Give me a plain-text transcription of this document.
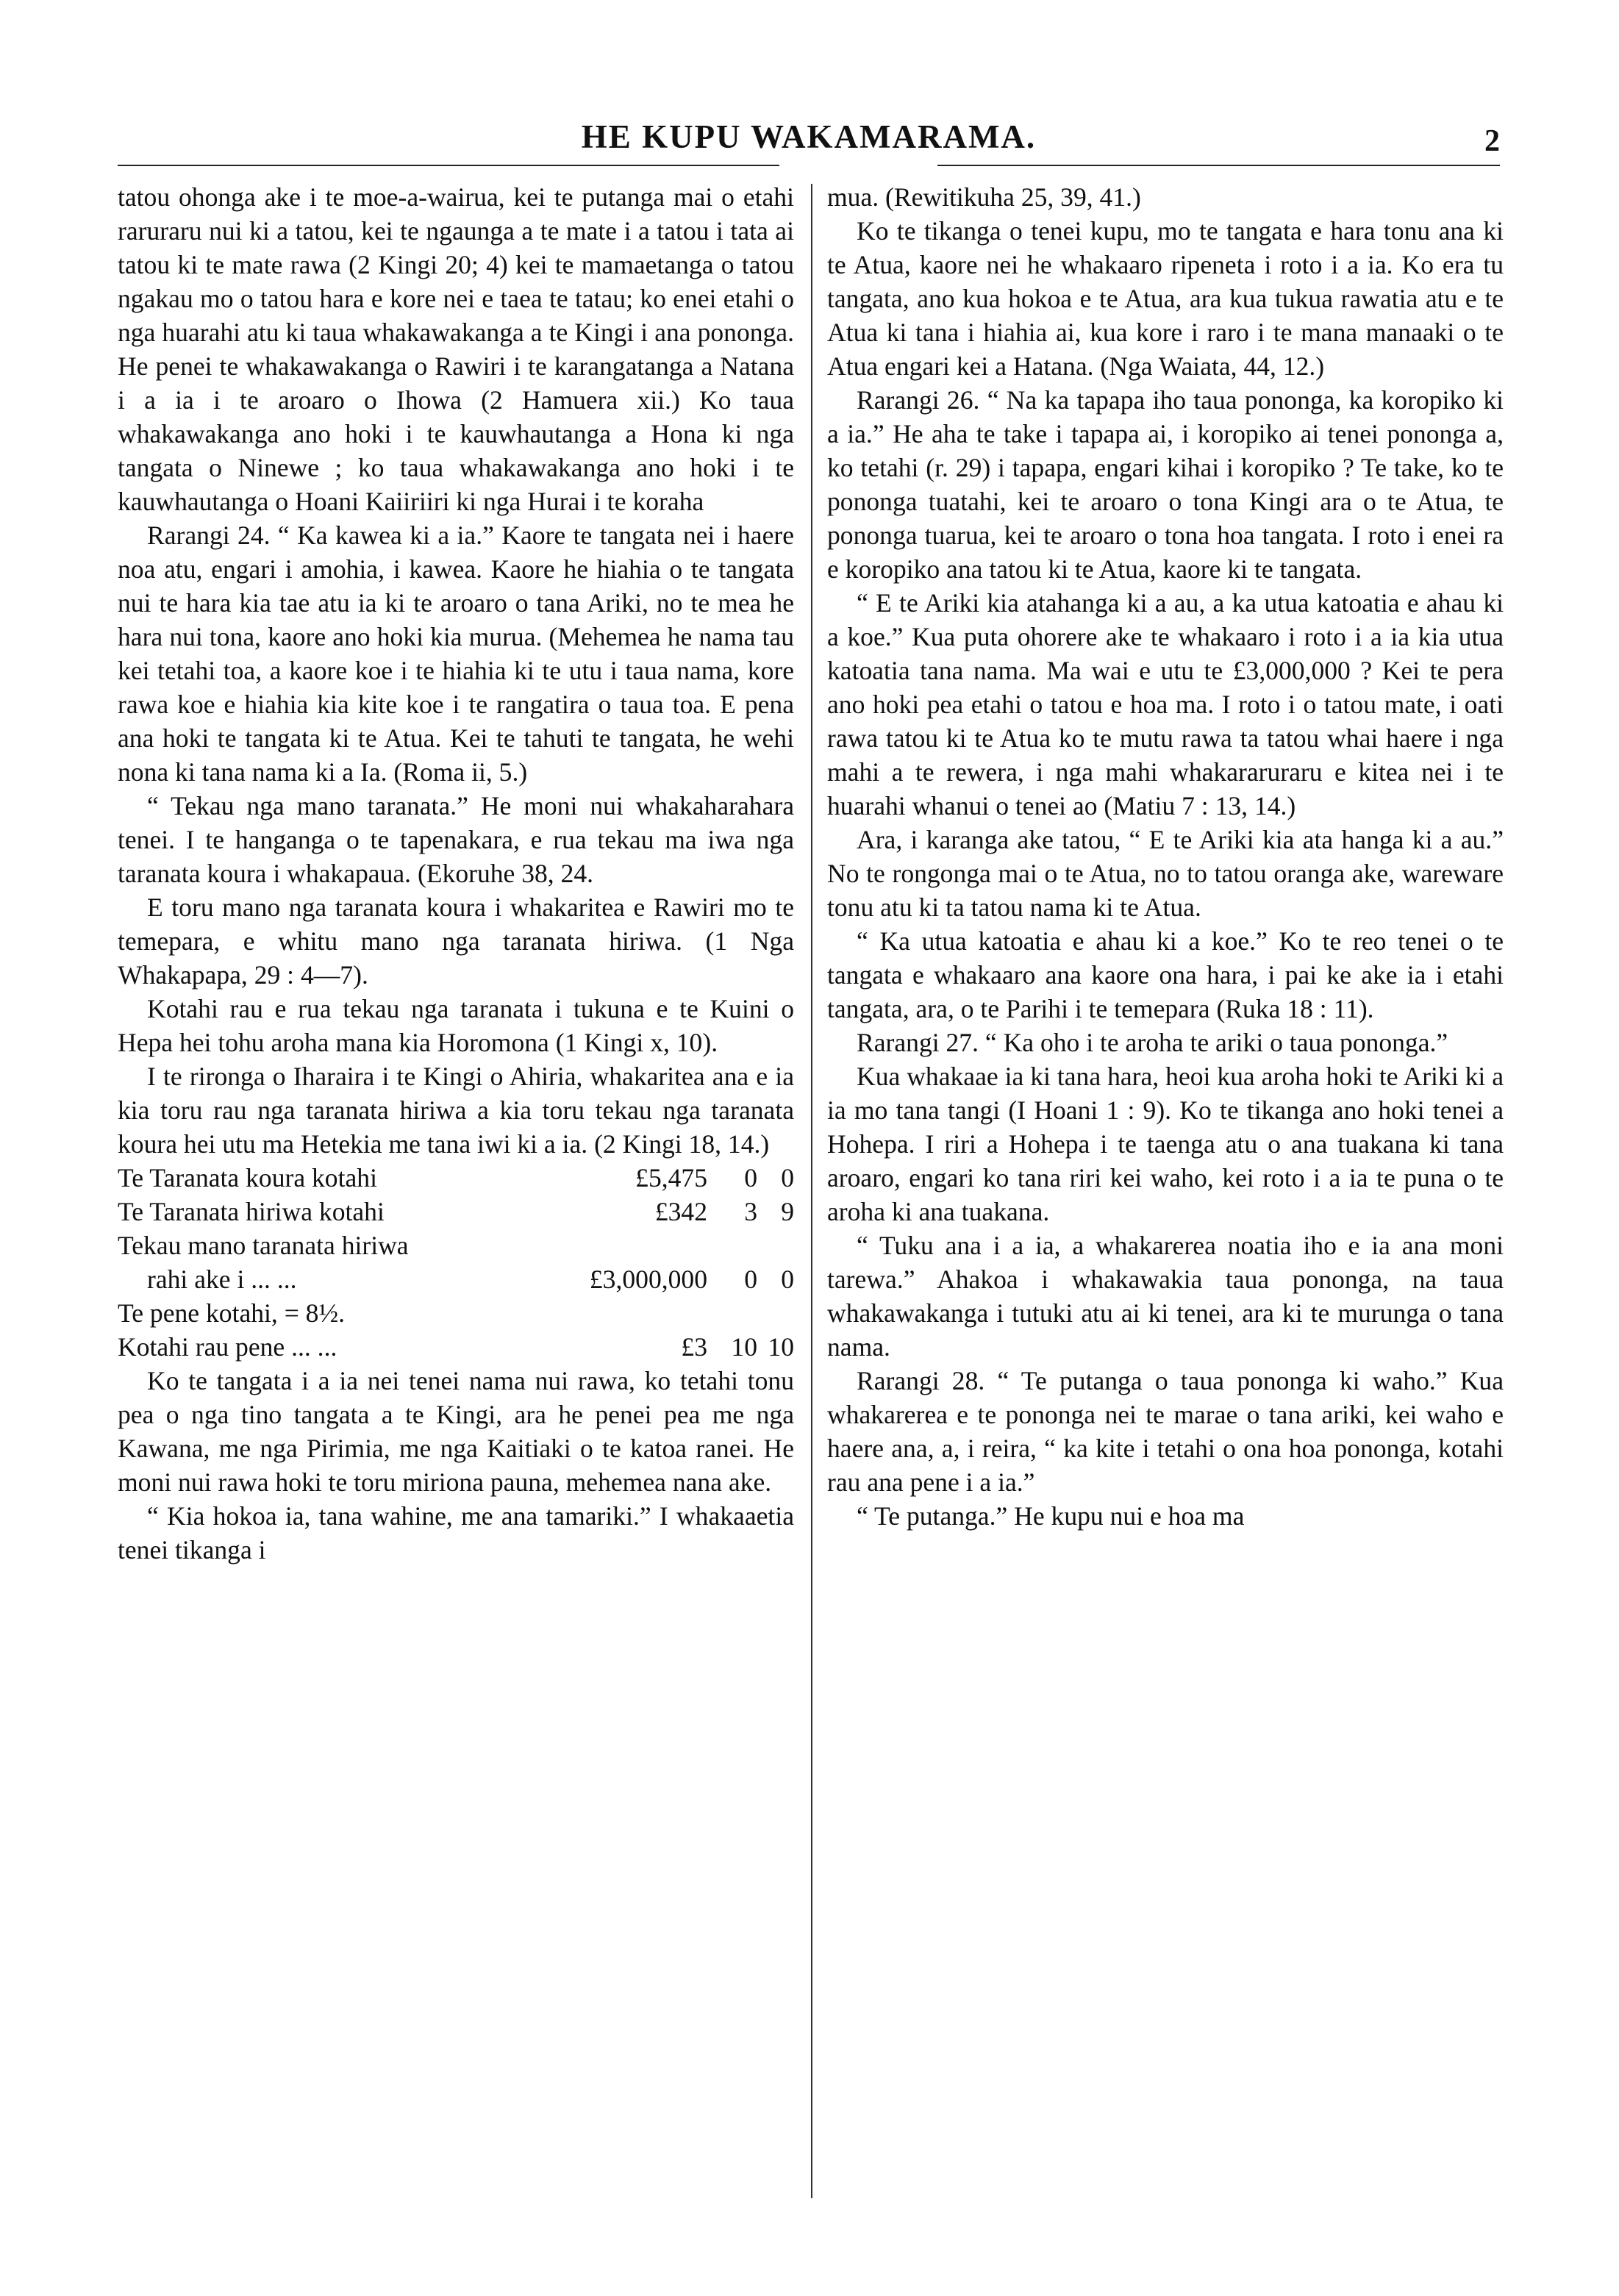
HE KUPU WAKAMARAMA.	2

tatou ohonga ake i te moe-a-wairua, kei te putanga mai o etahi raruraru nui ki a tatou, kei te ngaunga a te mate i a tatou i tata ai tatou ki te mate rawa (2 Kingi 20; 4) kei te mamaetanga o tatou ngakau mo o tatou hara e kore nei e taea te tatau; ko enei etahi o nga huarahi atu ki taua whakawakanga a te Kingi i ana pononga. He penei te whakawakanga o Rawiri i te karangatanga a Natana i a ia i te aroaro o Ihowa (2 Hamuera xii.) Ko taua whakawakanga ano hoki i te kauwhautanga a Hona ki nga tangata o Ninewe ; ko taua whakawakanga ano hoki i te kauwhautanga o Hoani Kaiiriiri ki nga Hurai i te koraha

Rarangi 24. “ Ka kawea ki a ia.” Kaore te tangata nei i haere noa atu, engari i amohia, i kawea. Kaore he hiahia o te tangata nui te hara kia tae atu ia ki te aroaro o tana Ariki, no te mea he hara nui tona, kaore ano hoki kia murua. (Mehemea he nama tau kei tetahi toa, a kaore koe i te hiahia ki te utu i taua nama, kore rawa koe e hiahia kia kite koe i te rangatira o taua toa. E pena ana hoki te tangata ki te Atua. Kei te tahuti te tangata, he wehi nona ki tana nama ki a Ia. (Roma ii, 5.)

“ Tekau nga mano taranata.” He moni nui whakaharahara tenei. I te hanganga o te tapenakara, e rua tekau ma iwa nga taranata koura i whakapaua. (Ekoruhe 38, 24.

E toru mano nga taranata koura i whakaritea e Rawiri mo te temepara, e whitu mano nga taranata hiriwa. (1 Nga Whakapapa, 29 : 4—7).

Kotahi rau e rua tekau nga taranata i tukuna e te Kuini o Hepa hei tohu aroha mana kia Horomona (1 Kingi x, 10).

I te rironga o Iharaira i te Kingi o Ahiria, whakaritea ana e ia kia toru rau nga taranata hiriwa a kia toru tekau nga taranata koura hei utu ma Hetekia me tana iwi ki a ia. (2 Kingi 18, 14.)

Te Taranata koura kotahi	£5,475	0	0
Te Taranata hiriwa kotahi	£342	3	9
Tekau mano taranata hiriwa			
rahi ake i ... ...	£3,000,000	0	0
Te pene kotahi, = 8½.			
Kotahi rau pene ... ...	£3	10	10

Ko te tangata i a ia nei tenei nama nui rawa, ko tetahi tonu pea o nga tino tangata a te Kingi, ara he penei pea me nga Kawana, me nga Pirimia, me nga Kaitiaki o te katoa ranei. He moni nui rawa hoki te toru miriona pauna, mehemea nana ake.

“ Kia hokoa ia, tana wahine, me ana tamariki.” I whakaaetia tenei tikanga i

mua. (Rewitikuha 25, 39, 41.)

Ko te tikanga o tenei kupu, mo te tangata e hara tonu ana ki te Atua, kaore nei he whakaaro ripeneta i roto i a ia. Ko era tu tangata, ano kua hokoa e te Atua, ara kua tukua rawatia atu e te Atua ki tana i hiahia ai, kua kore i raro i te mana manaaki o te Atua engari kei a Hatana. (Nga Waiata, 44, 12.)

Rarangi 26. “ Na ka tapapa iho taua pononga, ka koropiko ki a ia.” He aha te take i tapapa ai, i koropiko ai tenei pononga a, ko tetahi (r. 29) i tapapa, engari kihai i koropiko ? Te take, ko te pononga tuatahi, kei te aroaro o tona Kingi ara o te Atua, te pononga tuarua, kei te aroaro o tona hoa tangata. I roto i enei ra e koropiko ana tatou ki te Atua, kaore ki te tangata.

“ E te Ariki kia atahanga ki a au, a ka utua katoatia e ahau ki a koe.” Kua puta ohorere ake te whakaaro i roto i a ia kia utua katoatia tana nama. Ma wai e utu te £3,000,000 ? Kei te pera ano hoki pea etahi o tatou e hoa ma. I roto i o tatou mate, i oati rawa tatou ki te Atua ko te mutu rawa ta tatou whai haere i nga mahi a te rewera, i nga mahi whakararuraru e kitea nei i te huarahi whanui o tenei ao (Matiu 7 : 13, 14.)

Ara, i karanga ake tatou, “ E te Ariki kia ata hanga ki a au.” No te rongonga mai o te Atua, no to tatou oranga ake, wareware tonu atu ki ta tatou nama ki te Atua.

“ Ka utua katoatia e ahau ki a koe.” Ko te reo tenei o te tangata e whakaaro ana kaore ona hara, i pai ke ake ia i etahi tangata, ara, o te Parihi i te temepara (Ruka 18 : 11).

Rarangi 27. “ Ka oho i te aroha te ariki o taua pononga.”

Kua whakaae ia ki tana hara, heoi kua aroha hoki te Ariki ki a ia mo tana tangi (I Hoani 1 : 9). Ko te tikanga ano hoki tenei a Hohepa. I riri a Hohepa i te taenga atu o ana tuakana ki tana aroaro, engari ko tana riri kei waho, kei roto i a ia te puna o te aroha ki ana tuakana.

“ Tuku ana i a ia, a whakarerea noatia iho e ia ana moni tarewa.” Ahakoa i whakawakia taua pononga, na taua whakawakanga i tutuki atu ai ki tenei, ara ki te murunga o tana nama.

Rarangi 28. “ Te putanga o taua pononga ki waho.” Kua whakarerea e te pononga nei te marae o tana ariki, kei waho e haere ana, a, i reira, “ ka kite i tetahi o ona hoa pononga, kotahi rau ana pene i a ia.”

“ Te putanga.” He kupu nui e hoa ma
